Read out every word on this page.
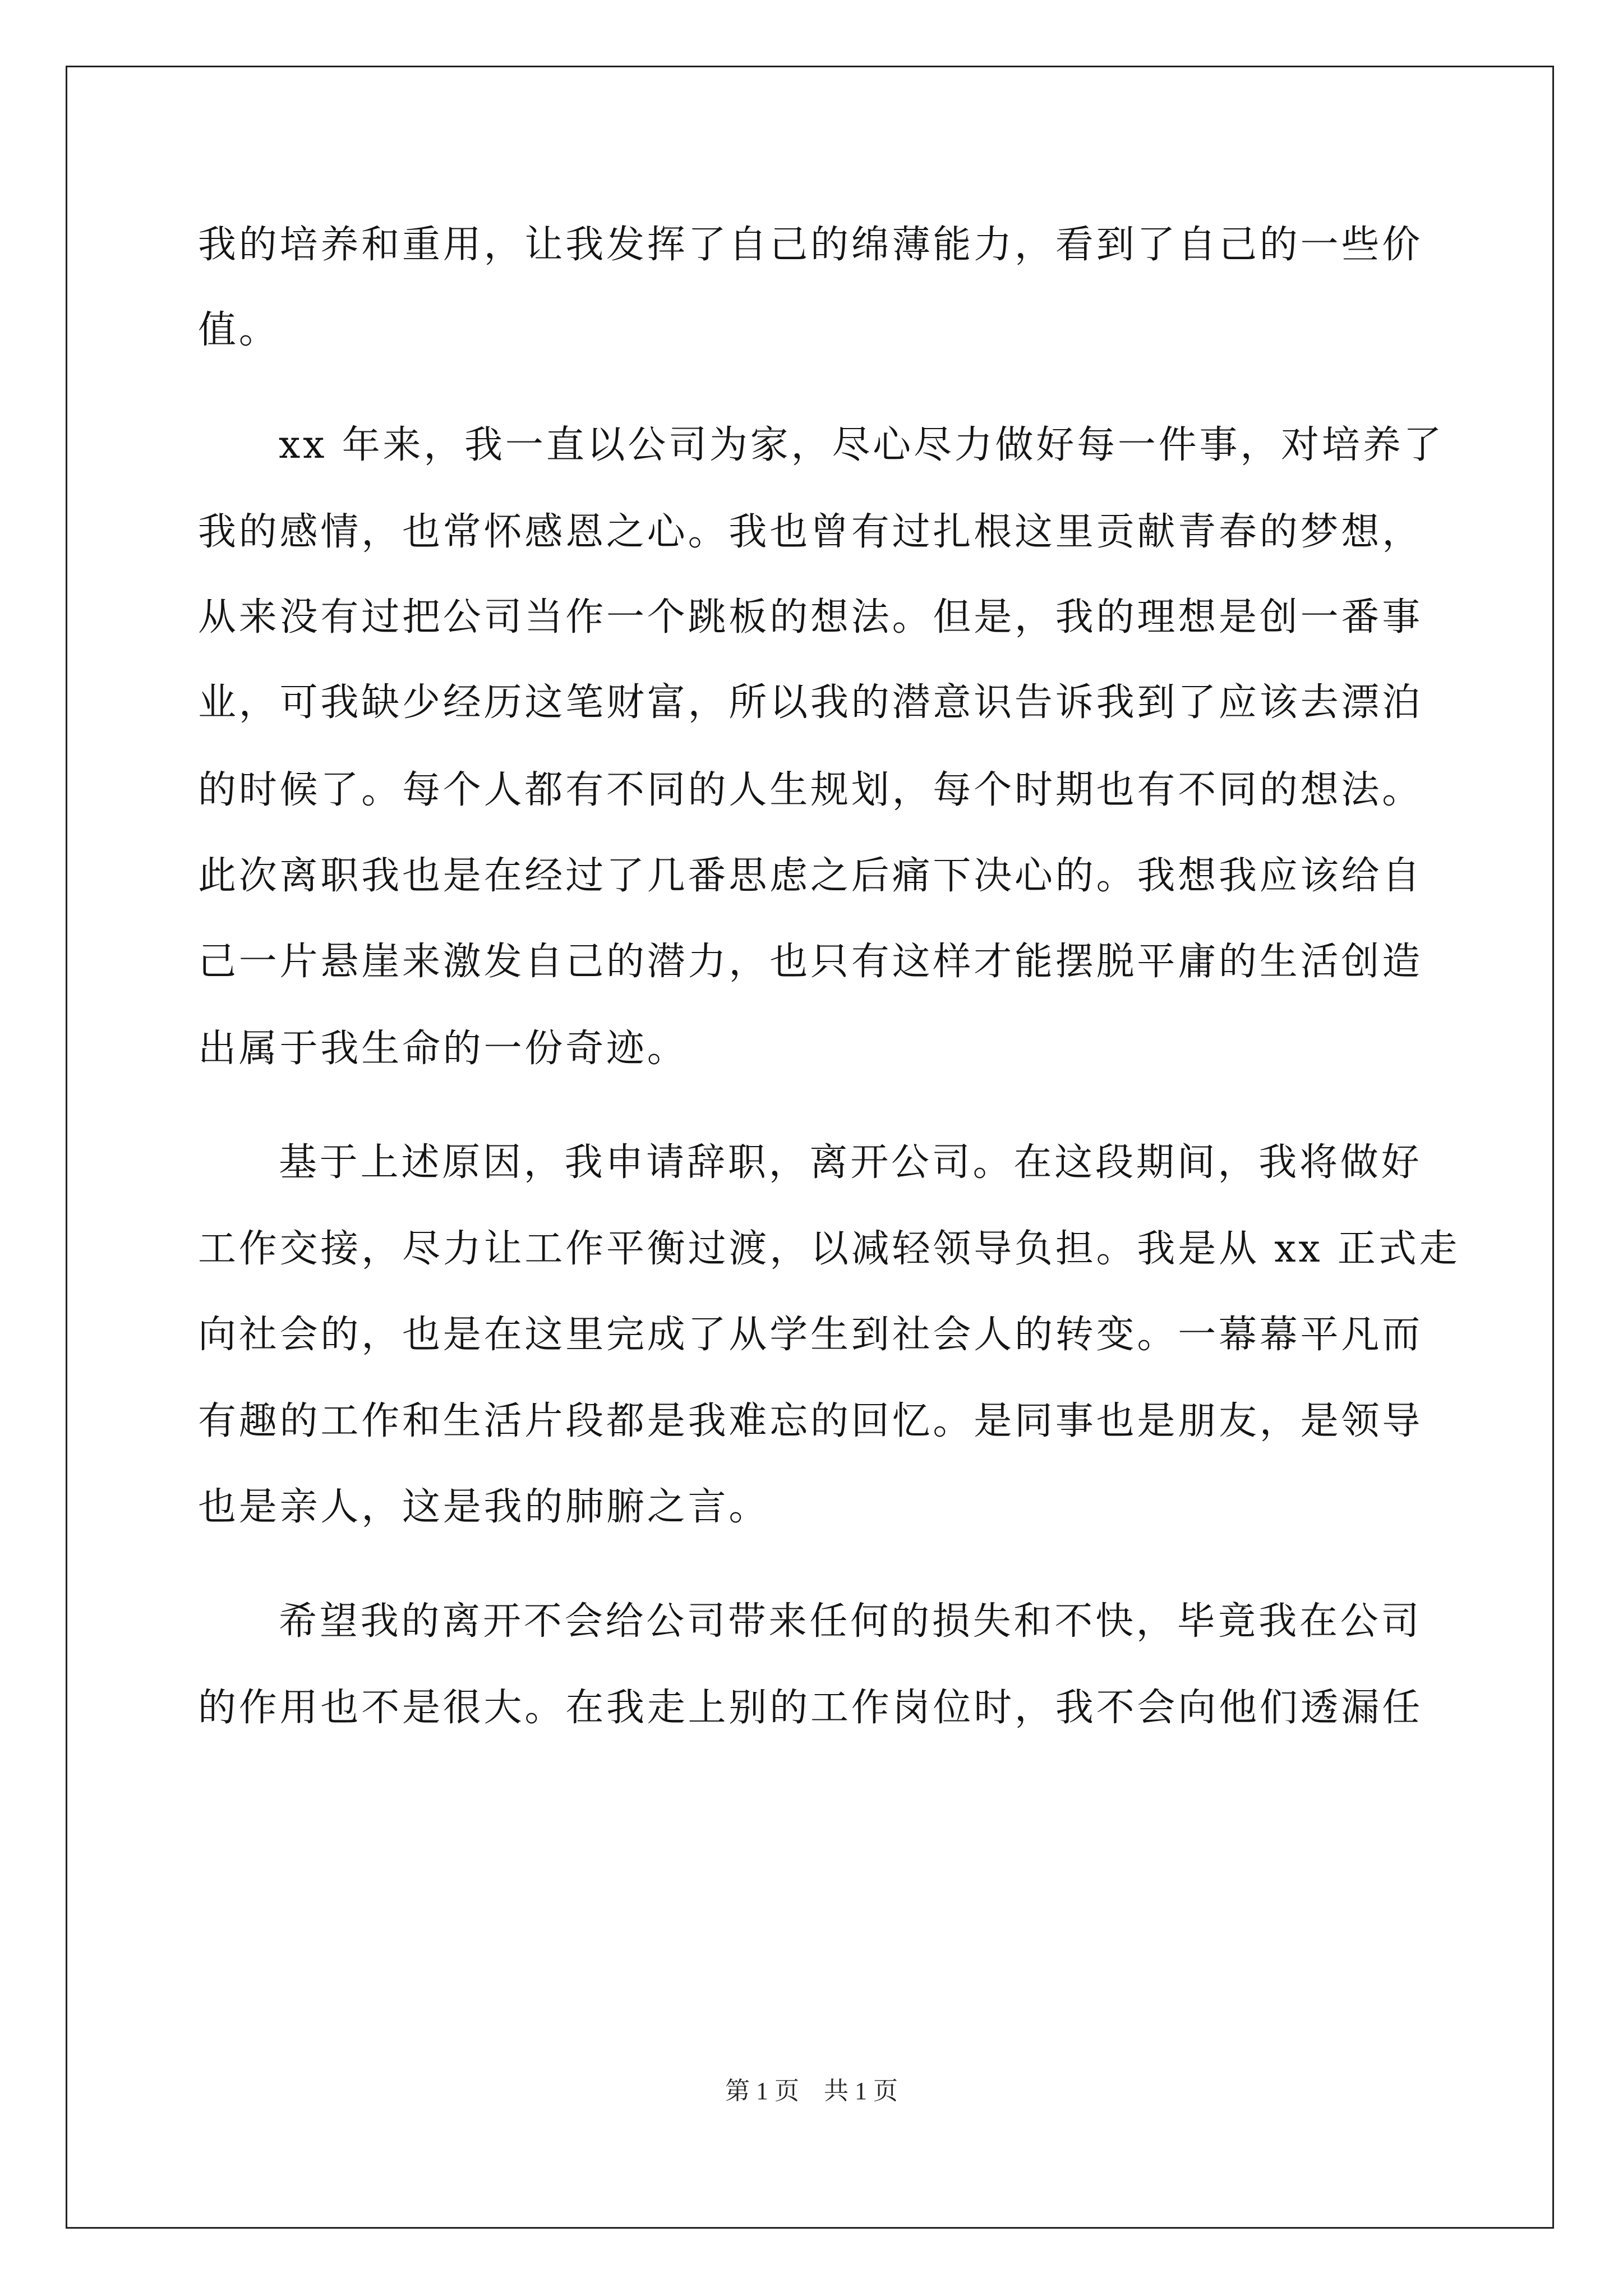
我的培养和重用，让我发挥了自己的绵薄能力，看到了自己的一些价
值。
xx 年来，我一直以公司为家，尽心尽力做好每一件事，对培养了
我的感情，也常怀感恩之心。我也曾有过扎根这里贡献青春的梦想，
从来没有过把公司当作一个跳板的想法。但是，我的理想是创一番事
业，可我缺少经历这笔财富，所以我的潜意识告诉我到了应该去漂泊
的时候了。每个人都有不同的人生规划，每个时期也有不同的想法。
此次离职我也是在经过了几番思虑之后痛下决心的。我想我应该给自
己一片悬崖来激发自己的潜力，也只有这样才能摆脱平庸的生活创造
出属于我生命的一份奇迹。
基于上述原因，我申请辞职，离开公司。在这段期间，我将做好
工作交接，尽力让工作平衡过渡，以减轻领导负担。我是从 xx 正式走
向社会的，也是在这里完成了从学生到社会人的转变。一幕幕平凡而
有趣的工作和生活片段都是我难忘的回忆。是同事也是朋友，是领导
也是亲人，这是我的肺腑之言。
希望我的离开不会给公司带来任何的损失和不快，毕竟我在公司
的作用也不是很大。在我走上别的工作岗位时，我不会向他们透漏任
第 1 页    共 1 页
